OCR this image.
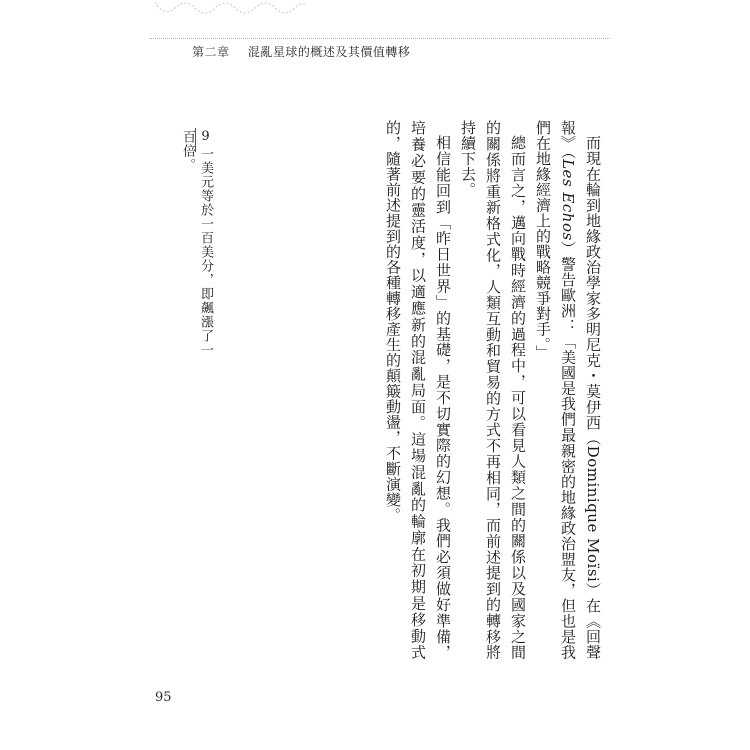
第二章 混亂星球的概述及其價值轉移

而現在輪到地緣政治學家多明尼克・莫伊西（Dominique Moïsi）在《回聲報》（Les Echos）警告歐洲：「美國是我們最親密的地緣政治盟友，但也是我們在地緣經濟上的戰略競爭對手。」

總而言之，邁向戰時經濟的過程中，可以看見人類之間的關係以及國家之間的關係將重新格式化，人類互動和貿易的方式不再相同，而前述提到的轉移將持續下去。

相信能回到「昨日世界」的基礎，是不切實際的幻想。我們必須做好準備，培養必要的靈活度，以適應新的混亂局面。這場混亂的輪廓在初期是移動式的，隨著前述提到的各種轉移產生的顛簸動盪，不斷演變。

9一美元等於一百美分，即飆漲了一百倍。
95
